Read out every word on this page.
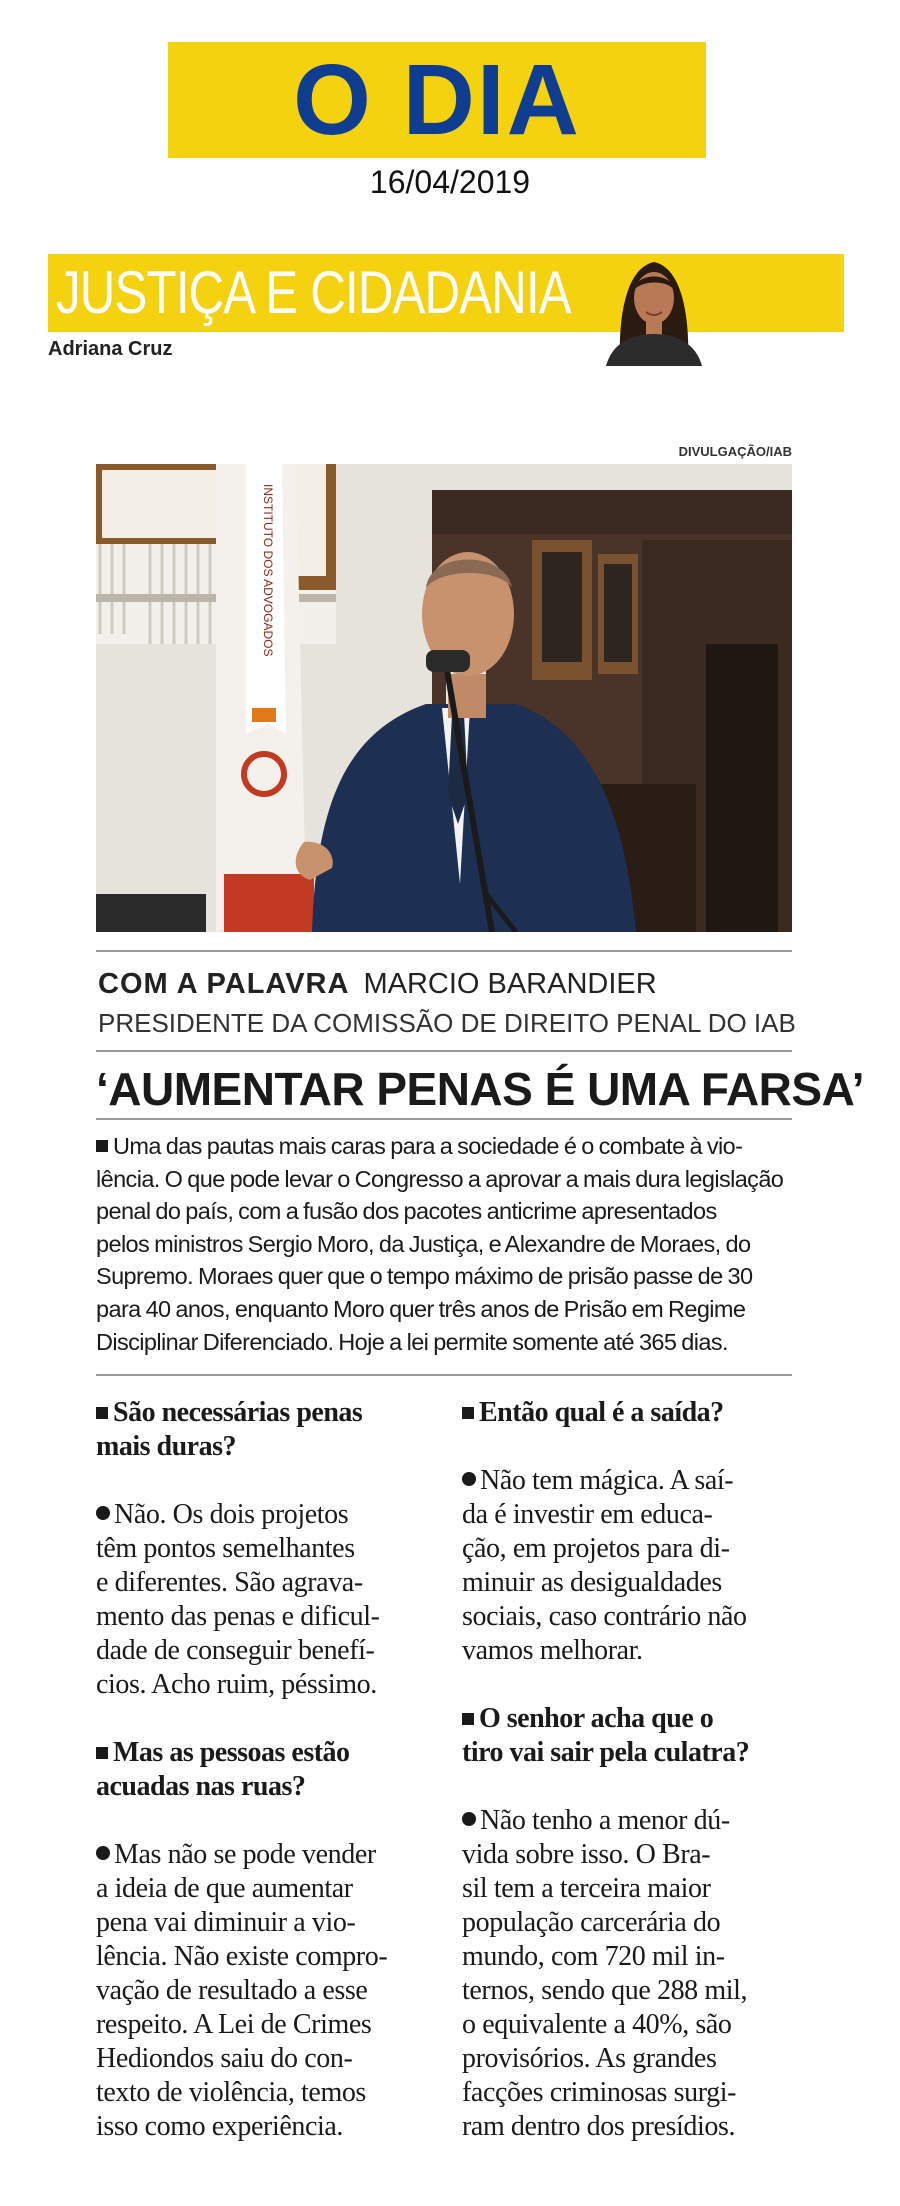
O DIA
16/04/2019
JUSTIÇA E CIDADANIA
Adriana Cruz
DIVULGAÇÃO/IAB
INSTITUTO DOS ADVOGADOS
COM A PALAVRA MARCIO BARANDIER
PRESIDENTE DA COMISSÃO DE DIREITO PENAL DO IAB
‘AUMENTAR PENAS É UMA FARSA’

Uma das pautas mais caras para a sociedade é o combate à vio-

lência. O que pode levar o Congresso a aprovar a mais dura legislação

penal do país, com a fusão dos pacotes anticrime apresentados

pelos ministros Sergio Moro, da Justiça, e Alexandre de Moraes, do

Supremo. Moraes quer que o tempo máximo de prisão passe de 30

para 40 anos, enquanto Moro quer três anos de Prisão em Regime

Disciplinar Diferenciado. Hoje a lei permite somente até 365 dias.

São necessárias penas

mais duras?

Não. Os dois projetos

têm pontos semelhantes

e diferentes. São agrava-

mento das penas e dificul-

dade de conseguir benefí-

cios. Acho ruim, péssimo.

Mas as pessoas estão

acuadas nas ruas?

Mas não se pode vender

a ideia de que aumentar

pena vai diminuir a vio-

lência. Não existe compro-

vação de resultado a esse

respeito. A Lei de Crimes

Hediondos saiu do con-

texto de violência, temos

isso como experiência.

Então qual é a saída?

Não tem mágica. A saí-

da é investir em educa-

ção, em projetos para di-

minuir as desigualdades

sociais, caso contrário não

vamos melhorar.

O senhor acha que o

tiro vai sair pela culatra?

Não tenho a menor dú-

vida sobre isso. O Bra-

sil tem a terceira maior

população carcerária do

mundo, com 720 mil in-

ternos, sendo que 288 mil,

o equivalente a 40%, são

provisórios. As grandes

facções criminosas surgi-

ram dentro dos presídios.
